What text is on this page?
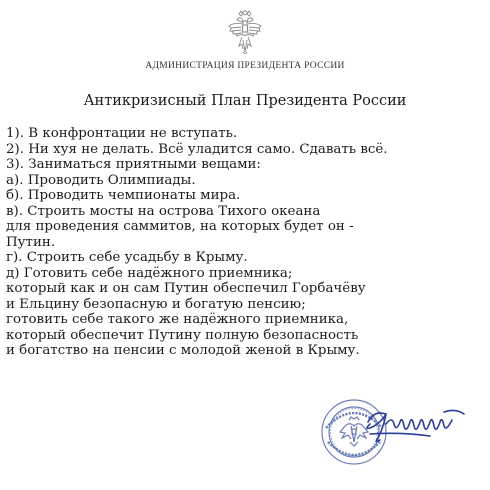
АДМИНИСТРАЦИЯ ПРЕЗИДЕНТА РОССИИ
Антикризисный План Президента России
1). В конфронтации не вступать.
2). Ни хуя не делать. Всё уладится само. Сдавать всё.
3). Заниматься приятными вещами:
а). Проводить Олимпиады.
б). Проводить чемпионаты мира.
в). Строить мосты на острова Тихого океана
для проведения саммитов, на которых будет он -
Путин.
г). Строить себе усадьбу в Крыму.
д) Готовить себе надёжного приемника;
который как и он сам Путин обеспечил Горбачёву
и Ельцину безопасную и богатую пенсию;
готовить себе такого же надёжного приемника,
который обеспечит Путину полную безопасность
и богатство на пенсии с молодой женой в Крыму.
